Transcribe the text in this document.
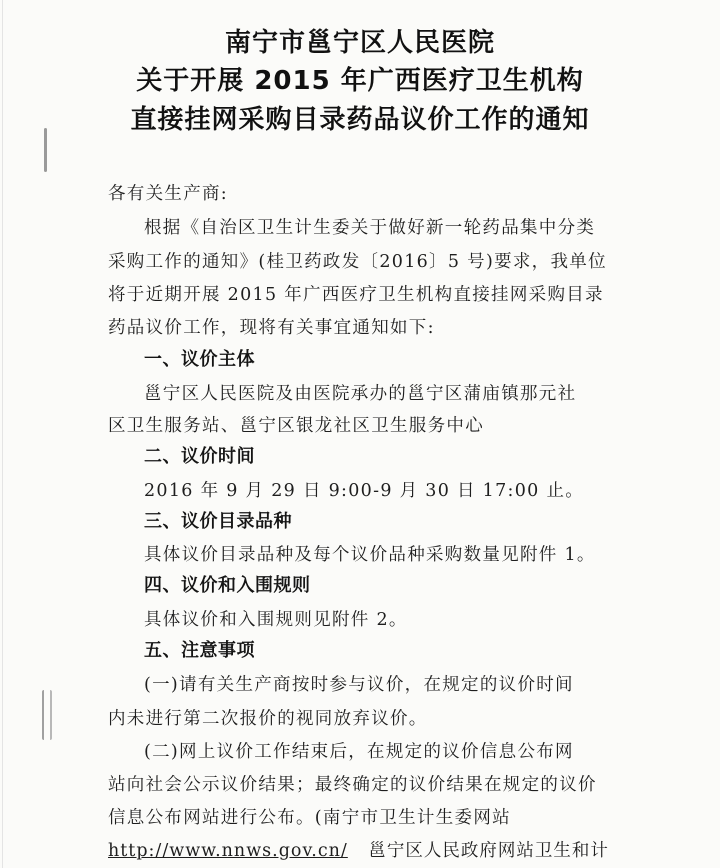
南宁市邕宁区人民医院
关于开展 2015 年广西医疗卫生机构
直接挂网采购目录药品议价工作的通知
各有关生产商:
根据《自治区卫生计生委关于做好新一轮药品集中分类
采购工作的通知》(桂卫药政发〔2016〕5 号)要求，我单位
将于近期开展 2015 年广西医疗卫生机构直接挂网采购目录
药品议价工作，现将有关事宜通知如下:
一、议价主体
邕宁区人民医院及由医院承办的邕宁区蒲庙镇那元社
区卫生服务站、邕宁区银龙社区卫生服务中心
二、议价时间
2016 年 9 月 29 日 9:00-9 月 30 日 17:00 止。
三、议价目录品种
具体议价目录品种及每个议价品种采购数量见附件 1。
四、议价和入围规则
具体议价和入围规则见附件 2。
五、注意事项
(一)请有关生产商按时参与议价，在规定的议价时间
内未进行第二次报价的视同放弃议价。
(二)网上议价工作结束后，在规定的议价信息公布网
站向社会公示议价结果；最终确定的议价结果在规定的议价
信息公布网站进行公布。(南宁市卫生计生委网站
http://www.nnws.gov.cn/ 邕宁区人民政府网站卫生和计
